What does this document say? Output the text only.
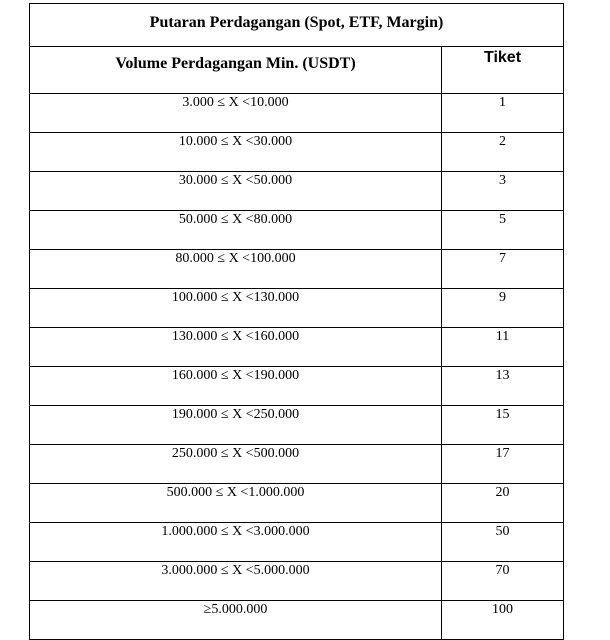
Putaran Perdagangan (Spot, ETF, Margin)	
Volume Perdagangan Min. (USDT)	Tiket
3.000 ≤ X <10.000	1
10.000 ≤ X <30.000	2
30.000 ≤ X <50.000	3
50.000 ≤ X <80.000	5
80.000 ≤ X <100.000	7
100.000 ≤ X <130.000	9
130.000 ≤ X <160.000	11
160.000 ≤ X <190.000	13
190.000 ≤ X <250.000	15
250.000 ≤ X <500.000	17
500.000 ≤ X <1.000.000	20
1.000.000 ≤ X <3.000.000	50
3.000.000 ≤ X <5.000.000	70
≥5.000.000	100
